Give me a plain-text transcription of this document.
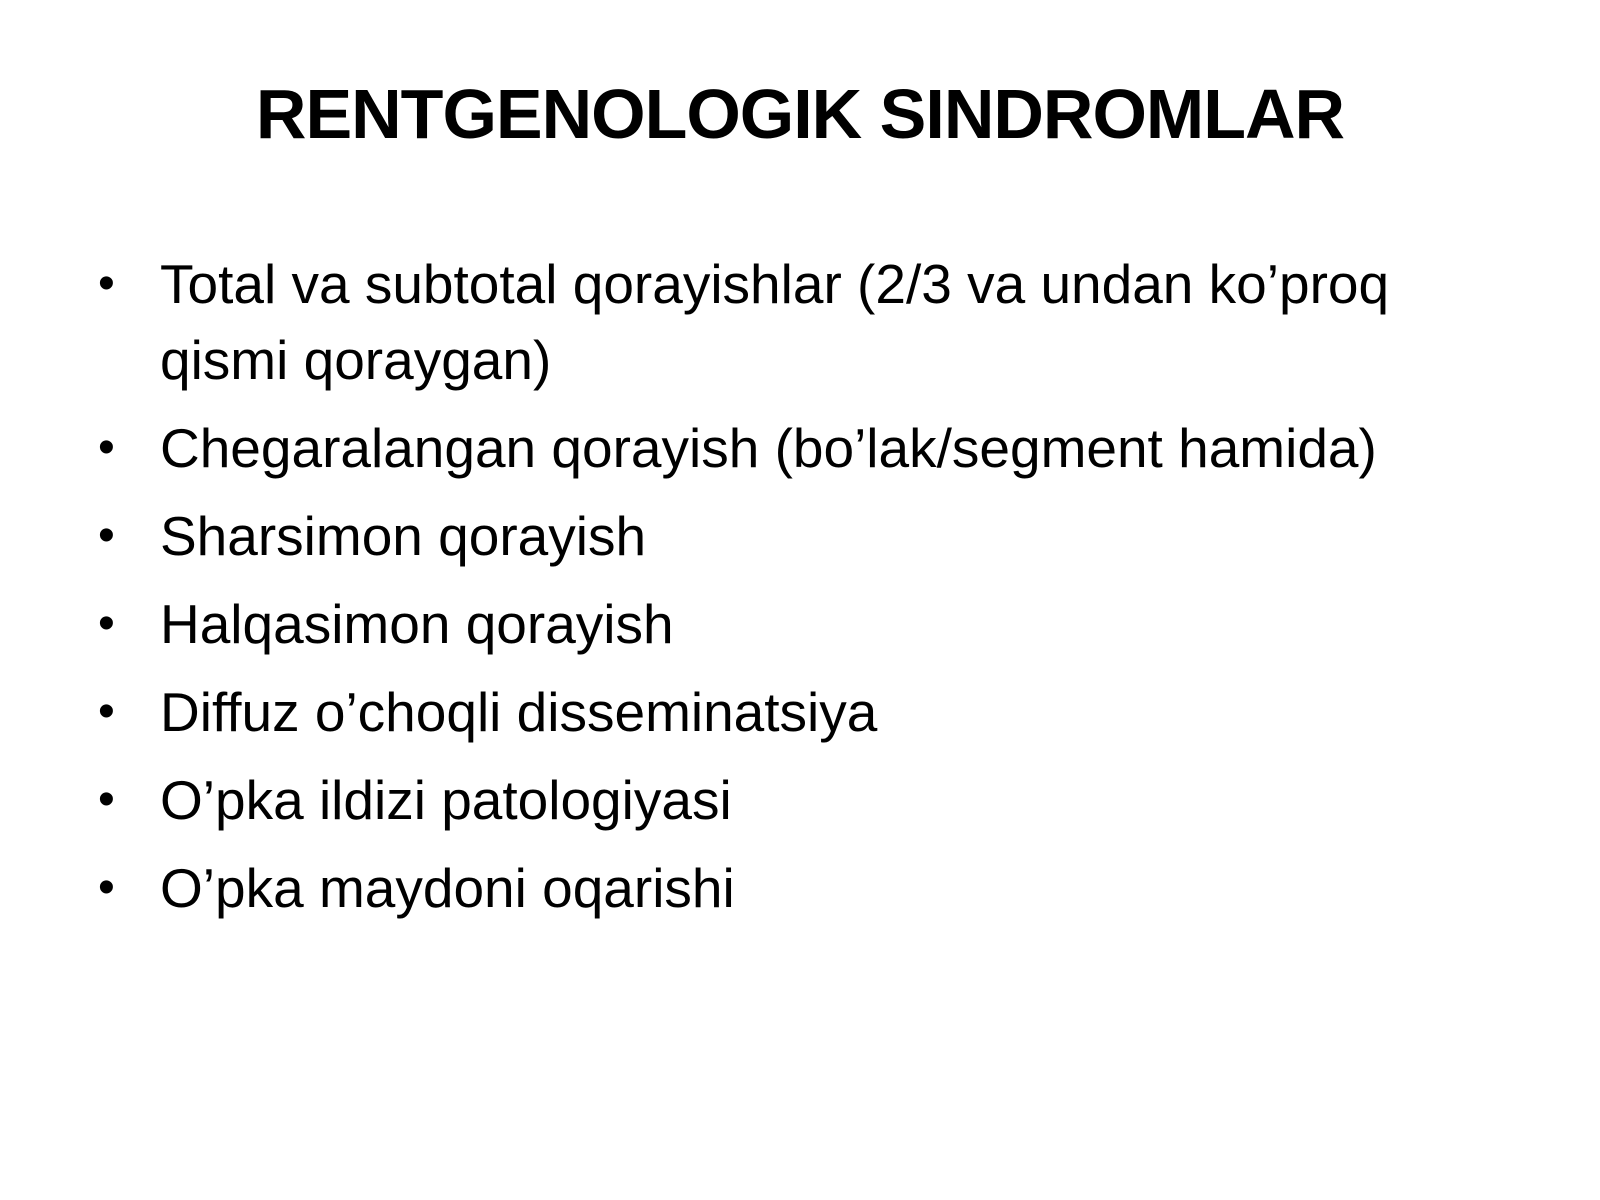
RENTGENOLOGIK SINDROMLAR
• Total va subtotal qorayishlar (2/3 va undan ko’proq qismi qoraygan)
• Chegaralangan qorayish (bo’lak/segment hamida)
• Sharsimon qorayish
• Halqasimon qorayish
• Diffuz o’choqli disseminatsiya
• O’pka ildizi patologiyasi
• O’pka maydoni oqarishi
